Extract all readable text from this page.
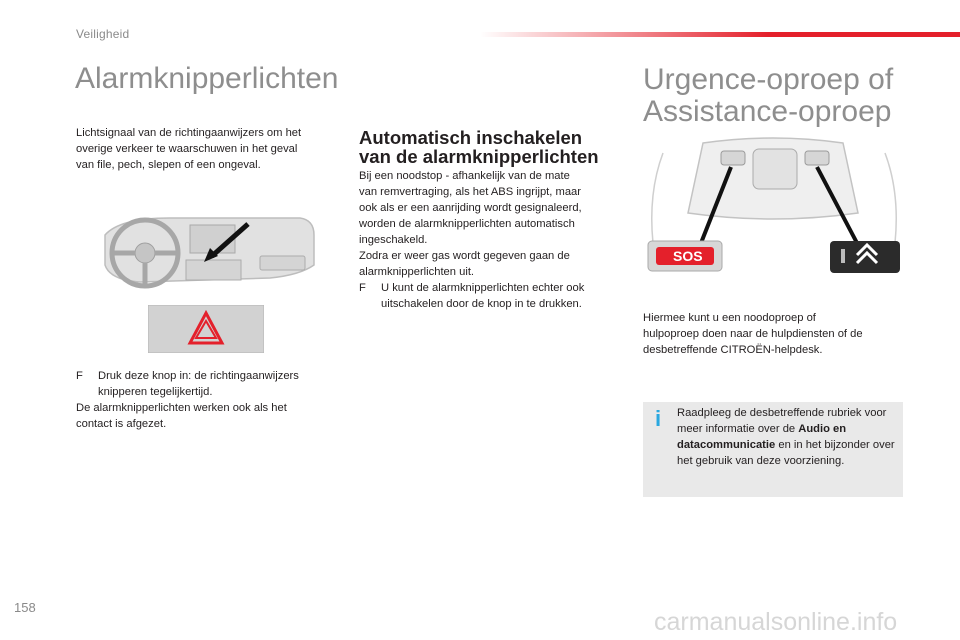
Veiligheid
Alarmknipperlichten

Lichtsignaal van de richtingaanwijzers om het

overige verkeer te waarschuwen in het geval

van file, pech, slepen of een ongeval.

F Druk deze knop in: de richtingaanwijzers
knipperen tegelijkertijd.

De alarmknipperlichten werken ook als het

contact is afgezet.

Automatisch inschakelen
van de alarmknipperlichten

Bij een noodstop - afhankelijk van de mate

van remvertraging, als het ABS ingrijpt, maar

ook als er een aanrijding wordt gesignaleerd,

worden de alarmknipperlichten automatisch

ingeschakeld.

Zodra er weer gas wordt gegeven gaan de

alarmknipperlichten uit.

F U kunt de alarmknipperlichten echter ook
uitschakelen door de knop in te drukken.
Urgence-oproep of
Assistance-oproep
SOS

Hiermee kunt u een noodoproep of

hulpoproep doen naar de hulpdiensten of de

desbetreffende CITROËN-helpdesk.

i Raadpleeg de desbetreffende rubriek voor meer informatie over de Audio en datacommunicatie en in het bijzonder over het gebruik van deze voorziening.
158
carmanualsonline.info
